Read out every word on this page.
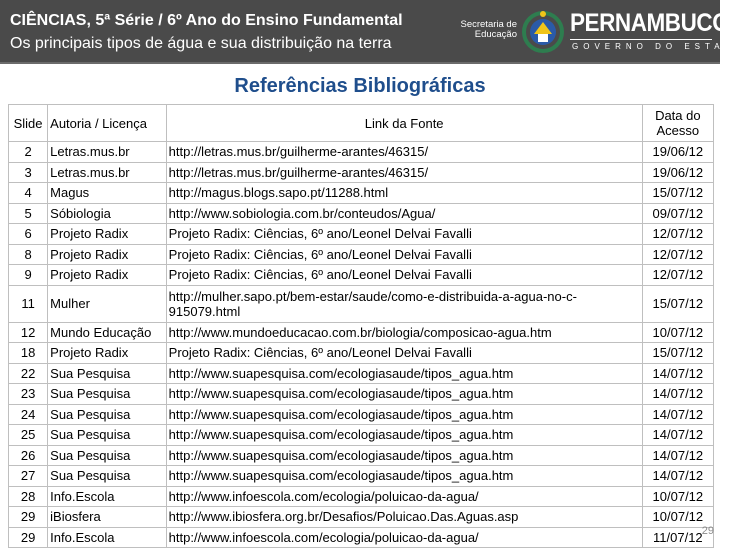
CIÊNCIAS, 5ª Série / 6º Ano do Ensino Fundamental
Os principais tipos de água e sua distribuição na terra
Secretaria de
Educação PERNAMBUCO
GOVERNO DO ESTADO
Referências Bibliográficas
Slide	Autoria / Licença	Link da Fonte	Data do Acesso
2	Letras.mus.br	http://letras.mus.br/guilherme-arantes/46315/	19/06/12
3	Letras.mus.br	http://letras.mus.br/guilherme-arantes/46315/	19/06/12
4	Magus	http://magus.blogs.sapo.pt/11288.html	15/07/12
5	Sóbiologia	http://www.sobiologia.com.br/conteudos/Agua/	09/07/12
6	Projeto Radix	Projeto Radix: Ciências, 6º ano/Leonel Delvai Favalli	12/07/12
8	Projeto Radix	Projeto Radix: Ciências, 6º ano/Leonel Delvai Favalli	12/07/12
9	Projeto Radix	Projeto Radix: Ciências, 6º ano/Leonel Delvai Favalli	12/07/12
11	Mulher	http://mulher.sapo.pt/bem-estar/saude/como-e-distribuida-a-agua-no-c-915079.html	15/07/12
12	Mundo Educação	http://www.mundoeducacao.com.br/biologia/composicao-agua.htm	10/07/12
18	Projeto Radix	Projeto Radix: Ciências, 6º ano/Leonel Delvai Favalli	15/07/12
22	Sua Pesquisa	http://www.suapesquisa.com/ecologiasaude/tipos_agua.htm	14/07/12
23	Sua Pesquisa	http://www.suapesquisa.com/ecologiasaude/tipos_agua.htm	14/07/12
24	Sua Pesquisa	http://www.suapesquisa.com/ecologiasaude/tipos_agua.htm	14/07/12
25	Sua Pesquisa	http://www.suapesquisa.com/ecologiasaude/tipos_agua.htm	14/07/12
26	Sua Pesquisa	http://www.suapesquisa.com/ecologiasaude/tipos_agua.htm	14/07/12
27	Sua Pesquisa	http://www.suapesquisa.com/ecologiasaude/tipos_agua.htm	14/07/12
28	Info.Escola	http://www.infoescola.com/ecologia/poluicao-da-agua/	10/07/12
29	iBiosfera	http://www.ibiosfera.org.br/Desafios/Poluicao.Das.Aguas.asp	10/07/12
29	Info.Escola	http://www.infoescola.com/ecologia/poluicao-da-agua/	11/07/12 29
